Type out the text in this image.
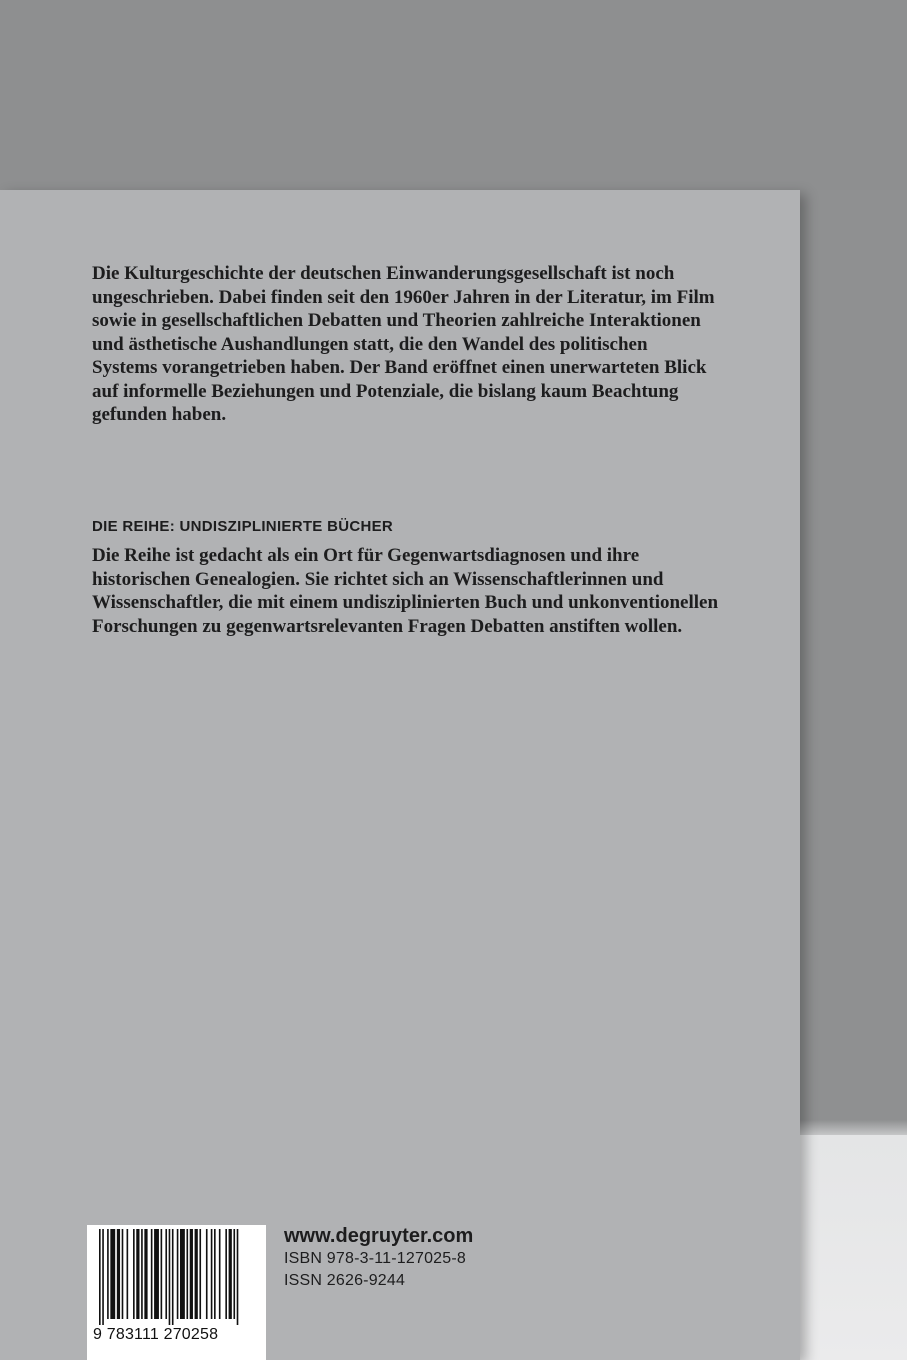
Die Kulturgeschichte der deutschen Einwanderungsgesellschaft ist noch
ungeschrieben. Dabei finden seit den 1960er Jahren in der Literatur, im Film
sowie in gesellschaftlichen Debatten und Theorien zahlreiche Interaktionen
und ästhetische Aushandlungen statt, die den Wandel des politischen
Systems vorangetrieben haben. Der Band eröffnet einen unerwarteten Blick
auf informelle Beziehungen und Potenziale, die bislang kaum Beachtung
gefunden haben.
DIE REIHE: UNDISZIPLINIERTE BÜCHER
Die Reihe ist gedacht als ein Ort für Gegenwartsdiagnosen und ihre
historischen Genealogien. Sie richtet sich an Wissenschaftlerinnen und
Wissenschaftler, die mit einem undisziplinierten Buch und unkonventionellen
Forschungen zu gegenwartsrelevanten Fragen Debatten anstiften wollen.
9 783111 270258
www.degruyter.com
ISBN 978-3-11-127025-8
ISSN 2626-9244
